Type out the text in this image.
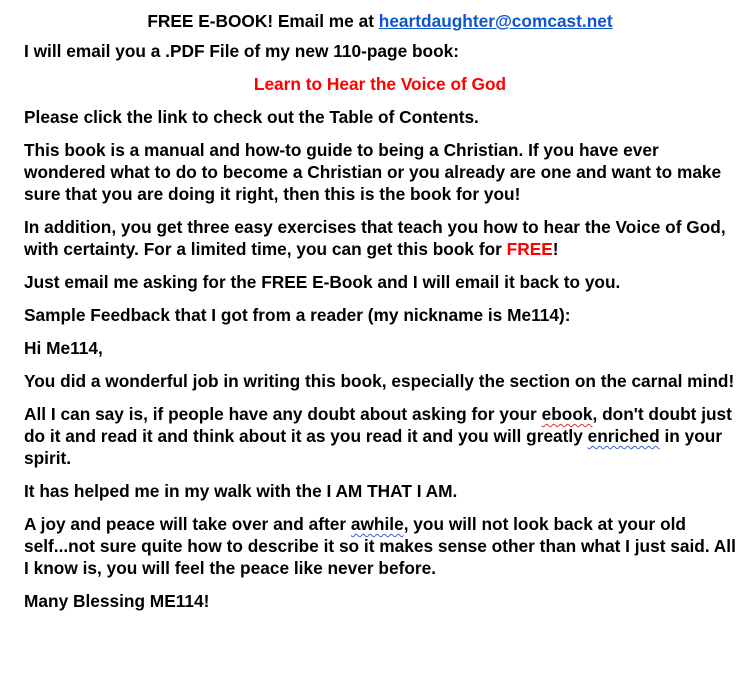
FREE E-BOOK! Email me at heartdaughter@comcast.net

I will email you a .PDF File of my new 110-page book:

Learn to Hear the Voice of God

Please click the link to check out the Table of Contents.

This book is a manual and how-to guide to being a Christian. If you have ever wondered what to do to become a Christian or you already are one and want to make sure that you are doing it right, then this is the book for you!

In addition, you get three easy exercises that teach you how to hear the Voice of God, with certainty. For a limited time, you can get this book for FREE!

Just email me asking for the FREE E-Book and I will email it back to you.

Sample Feedback that I got from a reader (my nickname is Me114):

Hi Me114,

You did a wonderful job in writing this book, especially the section on the carnal mind!

All I can say is, if people have any doubt about asking for your ebook, don't doubt just do it and read it and think about it as you read it and you will greatly enriched in your spirit.

It has helped me in my walk with the I AM THAT I AM.

A joy and peace will take over and after awhile, you will not look back at your old self...not sure quite how to describe it so it makes sense other than what I just said. All I know is, you will feel the peace like never before.

Many Blessing ME114!
